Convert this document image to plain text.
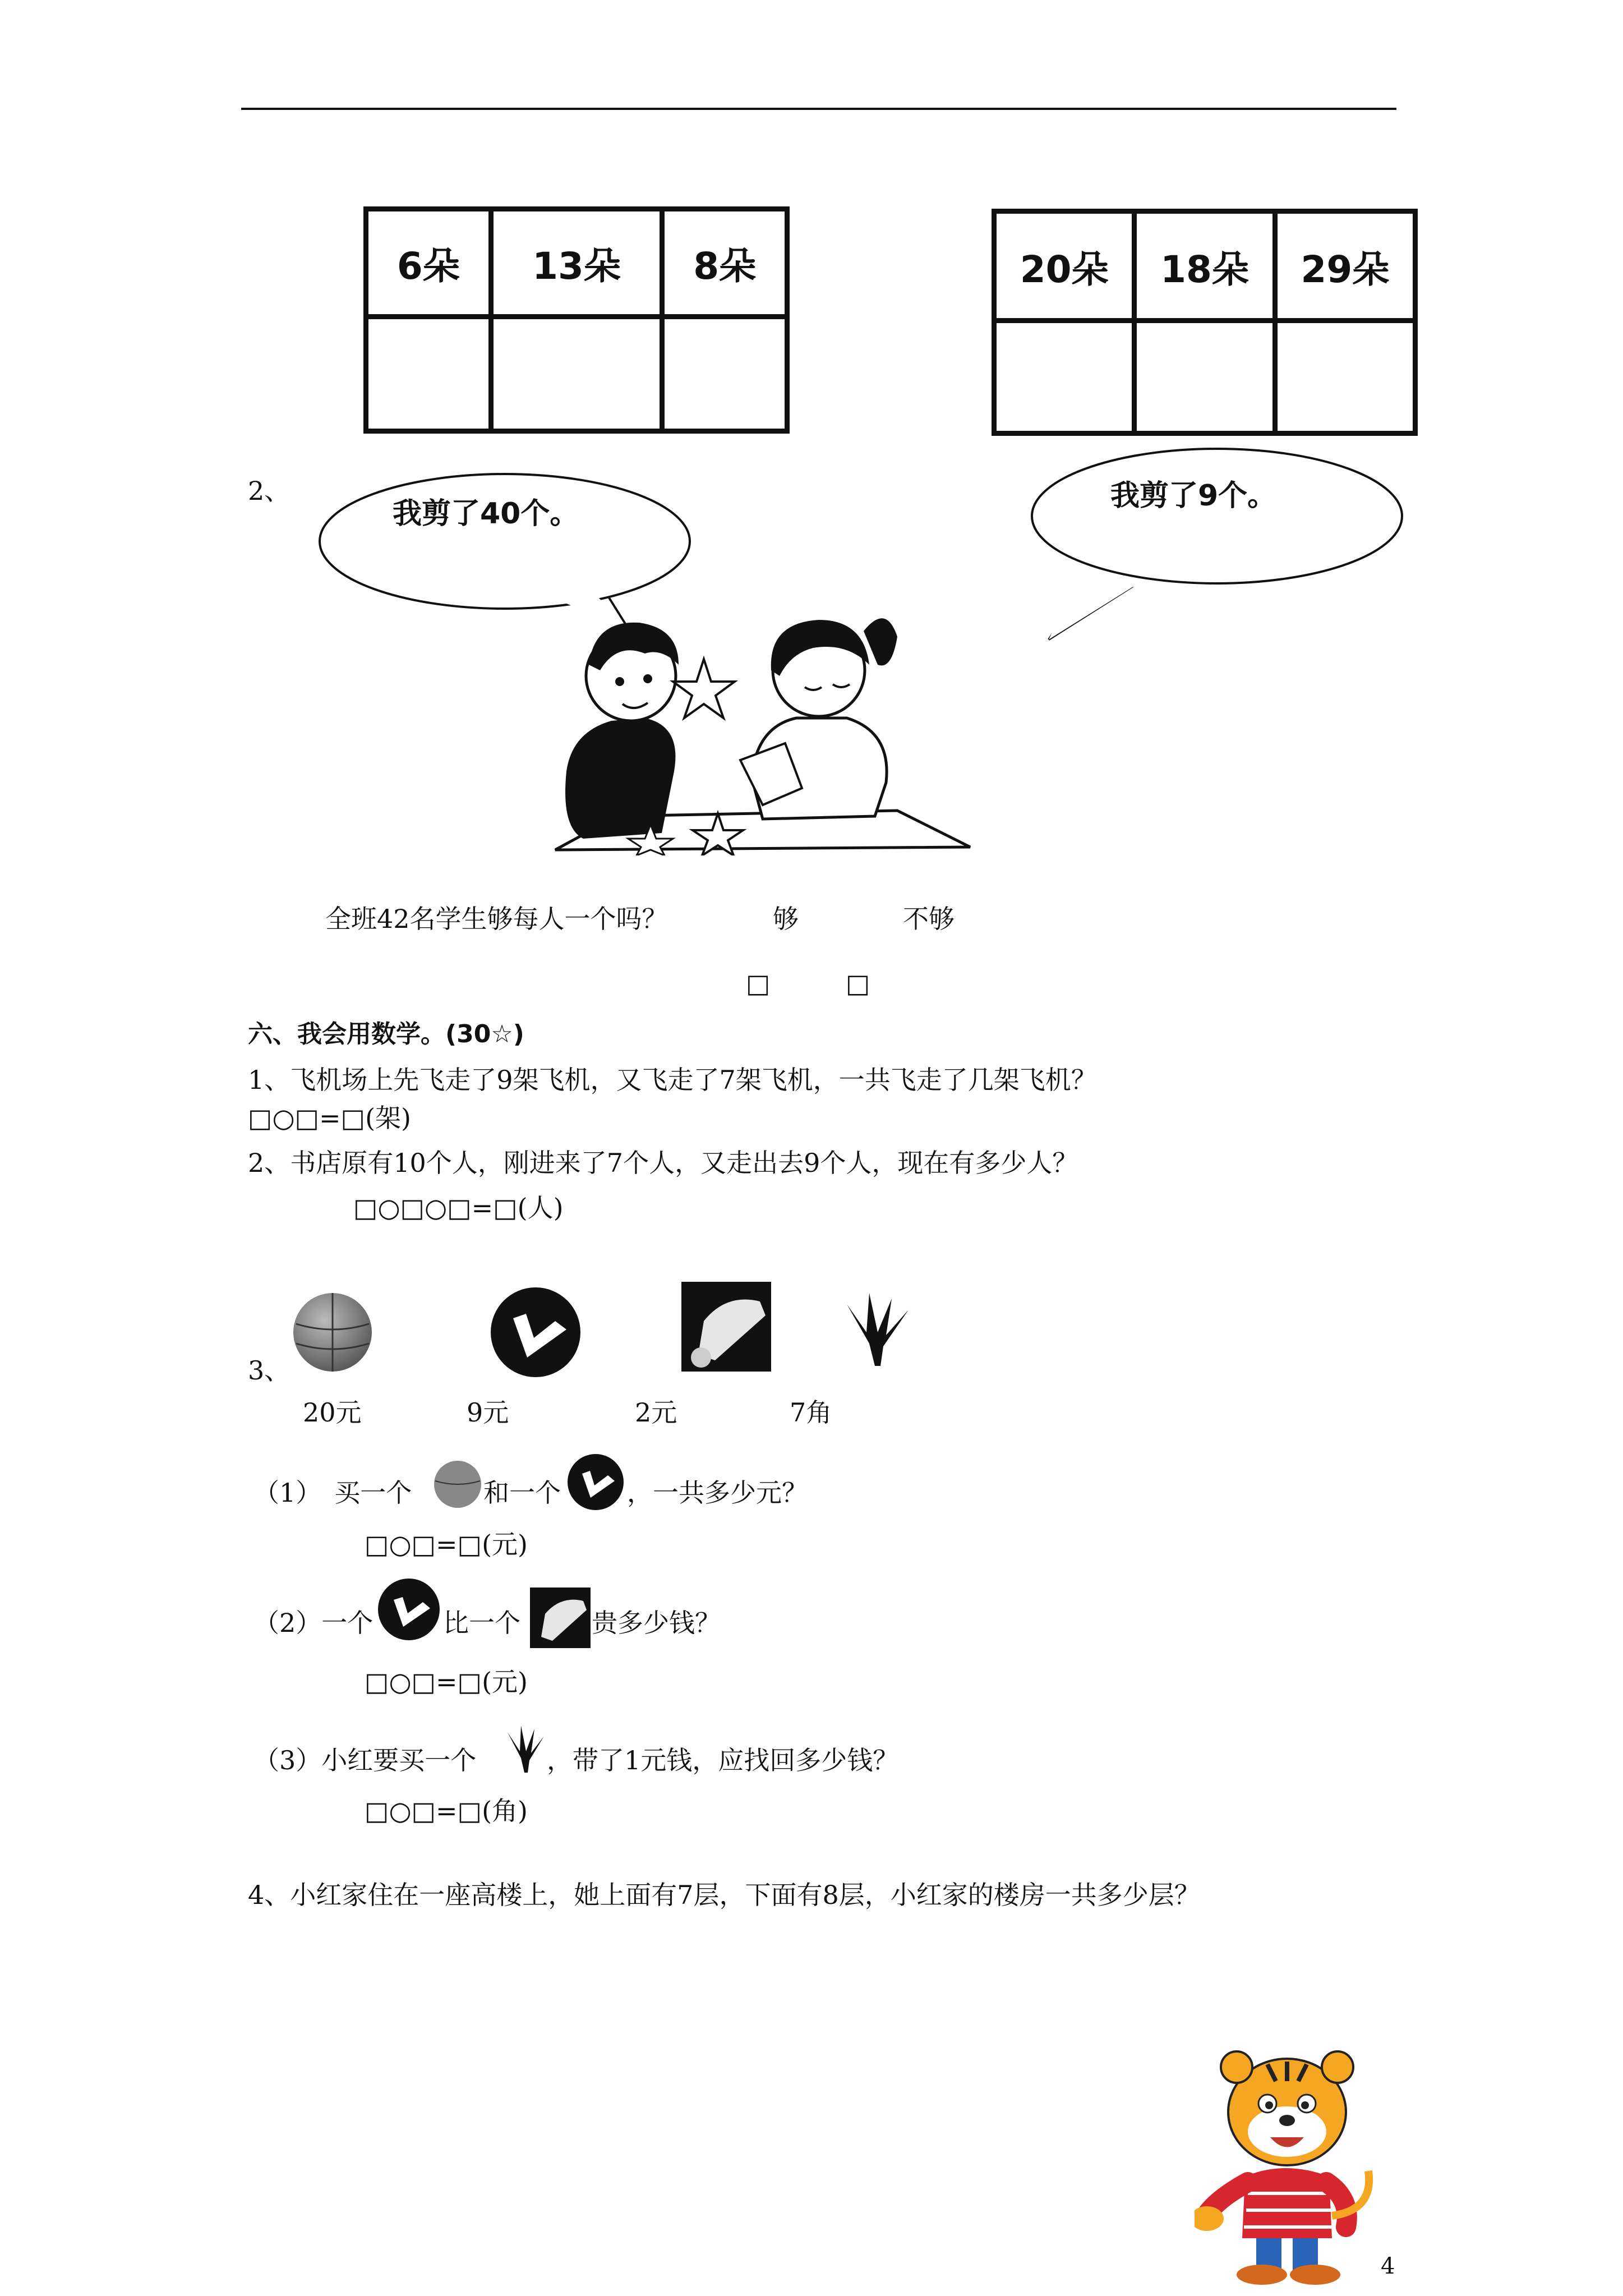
6朵	13朵	8朵
			20朵	18朵	29朵

2、
我剪了40个。
我剪了9个。
全班42名学生够每人一个吗？	够	不够
□	□
六、我会用数学。(30☆)
1、飞机场上先飞走了9架飞机，又飞走了7架飞机，一共飞走了几架飞机？
□○□=□(架)
2、书店原有10个人，刚进来了7个人，又走出去9个人，现在有多少人？
□○□○□=□(人)
3、
20元	9元	2元	7角
（1）　买一个	和一个	，一共多少元？
□○□=□(元)
（2）一个	比一个	贵多少钱？
□○□=□(元)
（3）小红要买一个	，带了1元钱，应找回多少钱？
□○□=□(角)
4、小红家住在一座高楼上，她上面有7层，下面有8层，小红家的楼房一共多少层？
4
